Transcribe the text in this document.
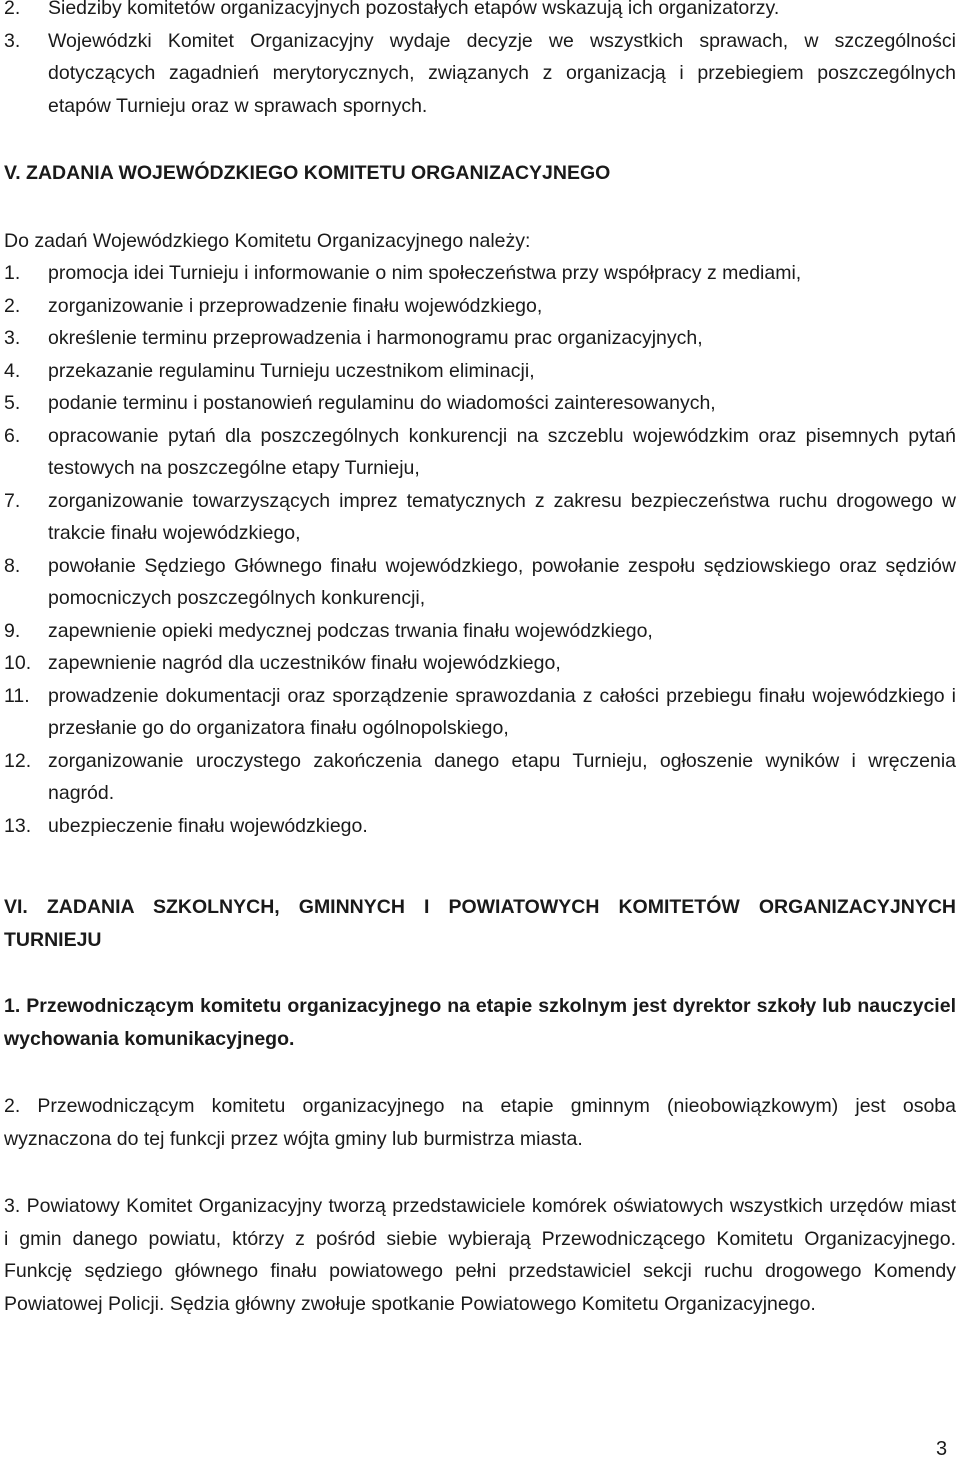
2.	Siedziby komitetów organizacyjnych pozostałych etapów wskazują ich organizatorzy.
3.	Wojewódzki Komitet Organizacyjny wydaje decyzje we wszystkich sprawach, w szczególności dotyczących zagadnień merytorycznych, związanych z organizacją i przebiegiem poszczególnych etapów Turnieju oraz w sprawach spornych.
V. ZADANIA WOJEWÓDZKIEGO KOMITETU ORGANIZACYJNEGO
Do zadań Wojewódzkiego Komitetu Organizacyjnego należy:
1.	promocja idei Turnieju i informowanie o nim społeczeństwa przy współpracy z mediami,
2.	zorganizowanie i przeprowadzenie finału wojewódzkiego,
3.	określenie terminu przeprowadzenia i harmonogramu prac organizacyjnych,
4.	przekazanie regulaminu Turnieju uczestnikom eliminacji,
5.	podanie terminu i postanowień regulaminu do wiadomości zainteresowanych,
6.	opracowanie pytań dla poszczególnych konkurencji na szczeblu wojewódzkim oraz pisemnych pytań testowych na poszczególne etapy Turnieju,
7.	zorganizowanie towarzyszących imprez tematycznych z zakresu bezpieczeństwa ruchu drogowego w trakcie finału wojewódzkiego,
8.	powołanie Sędziego Głównego finału wojewódzkiego, powołanie zespołu sędziowskiego oraz sędziów pomocniczych poszczególnych konkurencji,
9.	zapewnienie opieki medycznej podczas trwania finału wojewódzkiego,
10. zapewnienie nagród dla uczestników finału wojewódzkiego,
11. prowadzenie dokumentacji oraz sporządzenie sprawozdania z całości przebiegu finału wojewódzkiego i przesłanie go do organizatora finału ogólnopolskiego,
12. zorganizowanie uroczystego zakończenia danego etapu Turnieju, ogłoszenie wyników i wręczenia nagród.
13. ubezpieczenie finału wojewódzkiego.
VI. ZADANIA SZKOLNYCH, GMINNYCH I POWIATOWYCH KOMITETÓW ORGANIZACYJNYCH TURNIEJU
1. Przewodniczącym komitetu organizacyjnego na etapie szkolnym jest dyrektor szkoły lub nauczyciel wychowania komunikacyjnego.
2. Przewodniczącym komitetu organizacyjnego na etapie gminnym (nieobowiązkowym) jest osoba wyznaczona do tej funkcji przez wójta gminy lub burmistrza miasta.
3. Powiatowy Komitet Organizacyjny tworzą przedstawiciele komórek oświatowych wszystkich urzędów miast i gmin danego powiatu, którzy z pośród siebie wybierają Przewodniczącego Komitetu Organizacyjnego. Funkcję sędziego głównego finału powiatowego pełni przedstawiciel sekcji ruchu drogowego Komendy Powiatowej Policji. Sędzia główny zwołuje spotkanie Powiatowego Komitetu Organizacyjnego.
3
